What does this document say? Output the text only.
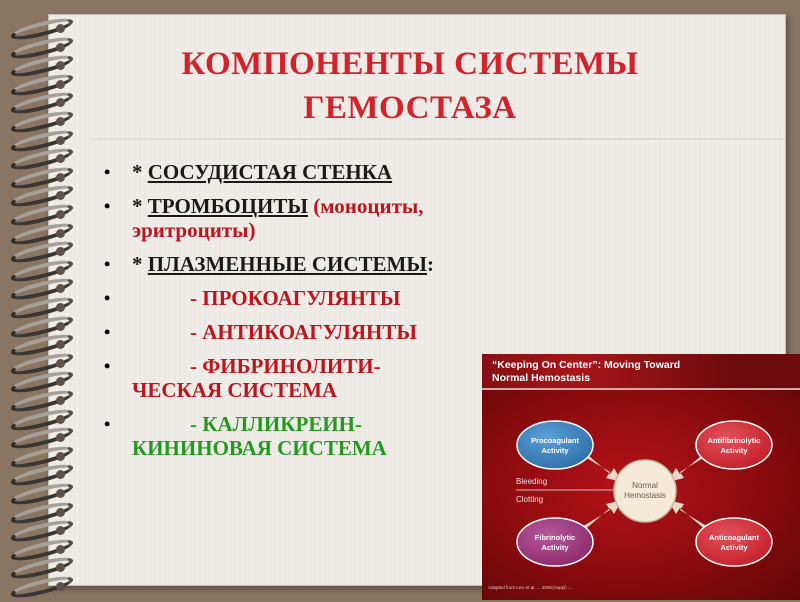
КОМПОНЕНТЫ СИСТЕМЫ
ГЕМОСТАЗА
• * СОСУДИСТАЯ СТЕНКА
• * ТРОМБОЦИТЫ (моноциты, эритроциты)
• * ПЛАЗМЕННЫЕ СИСТЕМЫ:
•	- ПРОКОАГУЛЯНТЫ
•	- АНТИКОАГУЛЯНТЫ
•	- ФИБРИНОЛИТИ-
ЧЕСКАЯ СИСТЕМА
•	- КАЛЛИКРЕИН-
КИНИНОВАЯ СИСТЕМА
“Keeping On Center”: Moving Toward
Normal Hemostasis
Bleeding
Clotting
Normal
Hemostasis
Procoagulant
Activity
Antifibrinolytic
Activity
Fibrinolytic
Activity
Anticoagulant
Activity
Adapted from Levi et al. ... 2008;(suppl) ...
